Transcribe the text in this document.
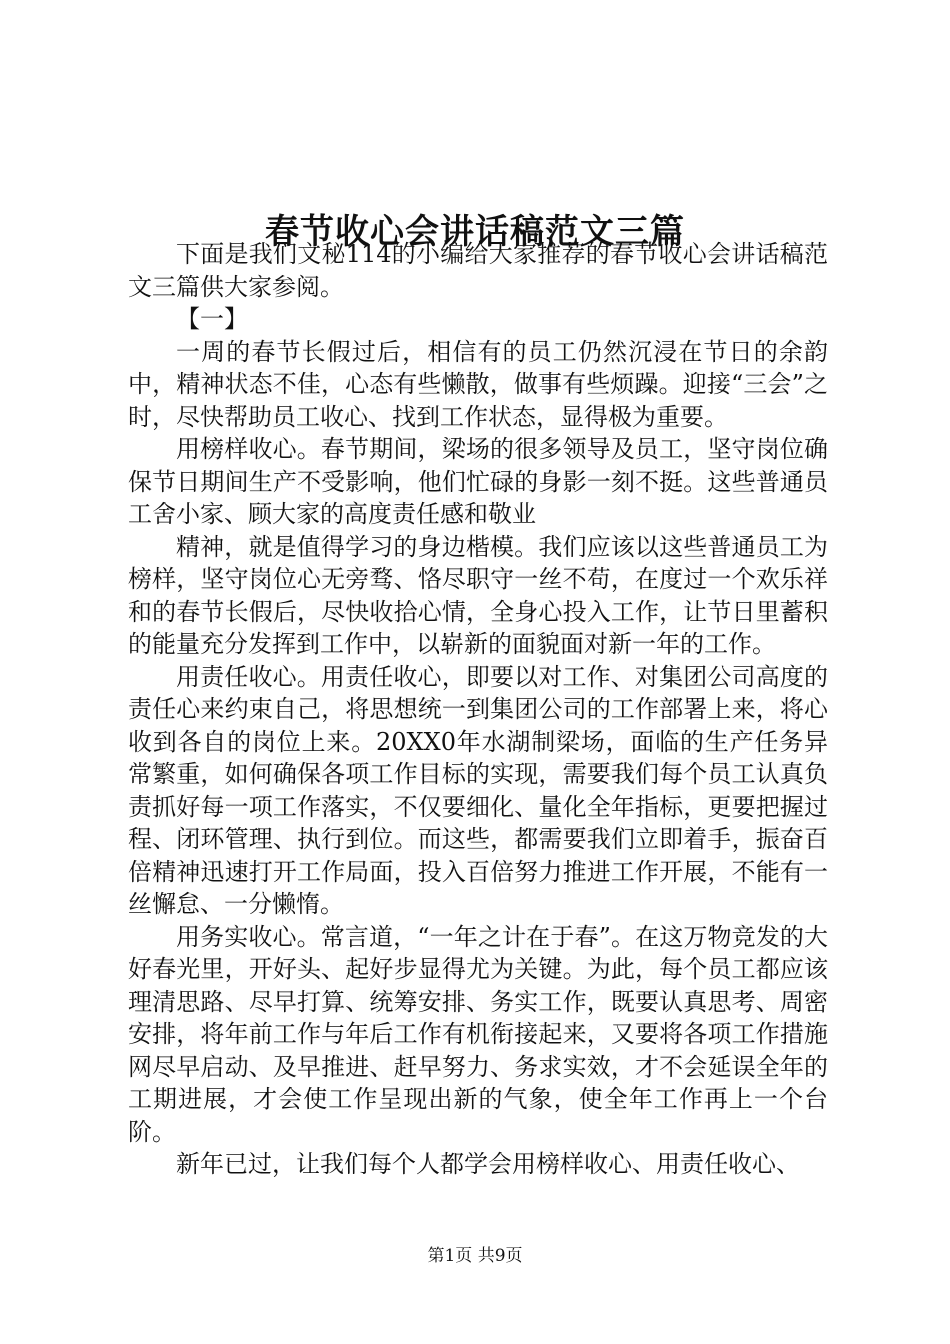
春节收心会讲话稿范文三篇

下面是我们文秘114的小编给大家推荐的春节收心会讲话稿范文三篇供大家参阅。

【一】

一周的春节长假过后，相信有的员工仍然沉浸在节日的余韵中，精神状态不佳，心态有些懒散，做事有些烦躁。迎接“三会”之时，尽快帮助员工收心、找到工作状态，显得极为重要。

用榜样收心。春节期间，梁场的很多领导及员工，坚守岗位确保节日期间生产不受影响，他们忙碌的身影一刻不挺。这些普通员工舍小家、顾大家的高度责任感和敬业

精神，就是值得学习的身边楷模。我们应该以这些普通员工为榜样，坚守岗位心无旁骛、恪尽职守一丝不苟，在度过一个欢乐祥和的春节长假后，尽快收拾心情，全身心投入工作，让节日里蓄积的能量充分发挥到工作中，以崭新的面貌面对新一年的工作。

用责任收心。用责任收心，即要以对工作、对集团公司高度的责任心来约束自己，将思想统一到集团公司的工作部署上来，将心收到各自的岗位上来。20XX0年水湖制梁场，面临的生产任务异常繁重，如何确保各项工作目标的实现，需要我们每个员工认真负责抓好每一项工作落实，不仅要细化、量化全年指标，更要把握过程、闭环管理、执行到位。而这些，都需要我们立即着手，振奋百倍精神迅速打开工作局面，投入百倍努力推进工作开展，不能有一丝懈怠、一分懒惰。

用务实收心。常言道，“一年之计在于春”。在这万物竞发的大好春光里，开好头、起好步显得尤为关键。为此，每个员工都应该理清思路、尽早打算、统筹安排、务实工作，既要认真思考、周密安排，将年前工作与年后工作有机衔接起来，又要将各项工作措施网尽早启动、及早推进、赶早努力、务求实效，才不会延误全年的工期进展，才会使工作呈现出新的气象，使全年工作再上一个台阶。

新年已过，让我们每个人都学会用榜样收心、用责任收心、

第1页 共9页
